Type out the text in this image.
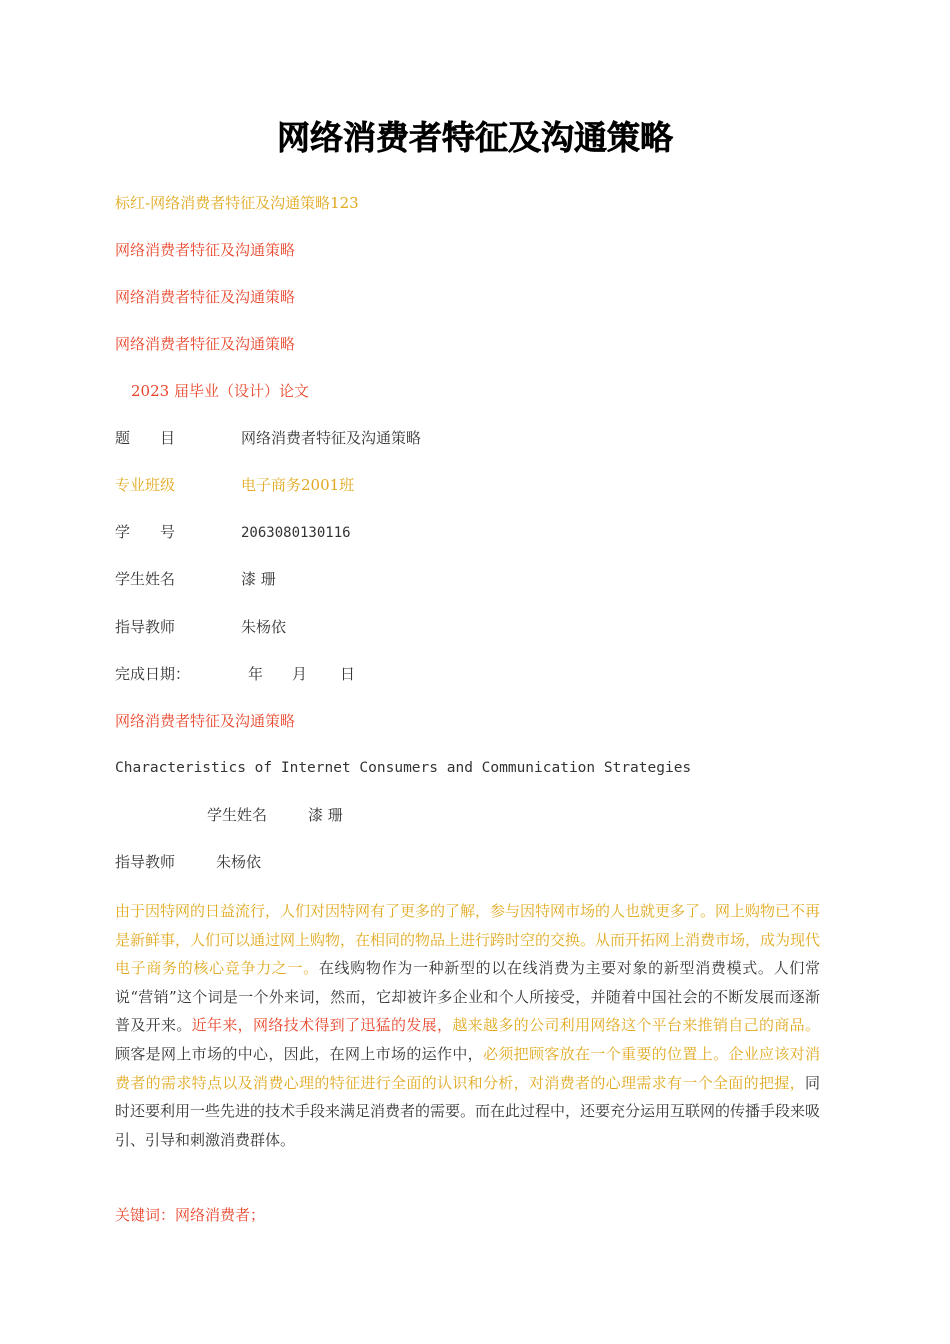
网络消费者特征及沟通策略
标红-网络消费者特征及沟通策略123
网络消费者特征及沟通策略
网络消费者特征及沟通策略
网络消费者特征及沟通策略
2023 届毕业（设计）论文
题　　目	网络消费者特征及沟通策略
专业班级	电子商务2001班
学　　号	2063080130116
学生姓名	漆 珊
指导教师	朱杨依
完成日期：	年 月 日
网络消费者特征及沟通策略
Characteristics of Internet Consumers and Communication Strategies
学生姓名	漆 珊
指导教师	朱杨依
由于因特网的日益流行，人们对因特网有了更多的了解，参与因特网市场的人也就更多了。网上购物已不再是新鲜事，人们可以通过网上购物，在相同的物品上进行跨时空的交换。从而开拓网上消费市场，成为现代电子商务的核心竞争力之一。在线购物作为一种新型的以在线消费为主要对象的新型消费模式。人们常说“营销”这个词是一个外来词，然而，它却被许多企业和个人所接受，并随着中国社会的不断发展而逐渐普及开来。近年来，网络技术得到了迅猛的发展，越来越多的公司利用网络这个平台来推销自己的商品。顾客是网上市场的中心，因此，在网上市场的运作中，必须把顾客放在一个重要的位置上。企业应该对消费者的需求特点以及消费心理的特征进行全面的认识和分析，对消费者的心理需求有一个全面的把握，同时还要利用一些先进的技术手段来满足消费者的需要。而在此过程中，还要充分运用互联网的传播手段来吸引、引导和刺激消费群体。
关键词：网络消费者；
